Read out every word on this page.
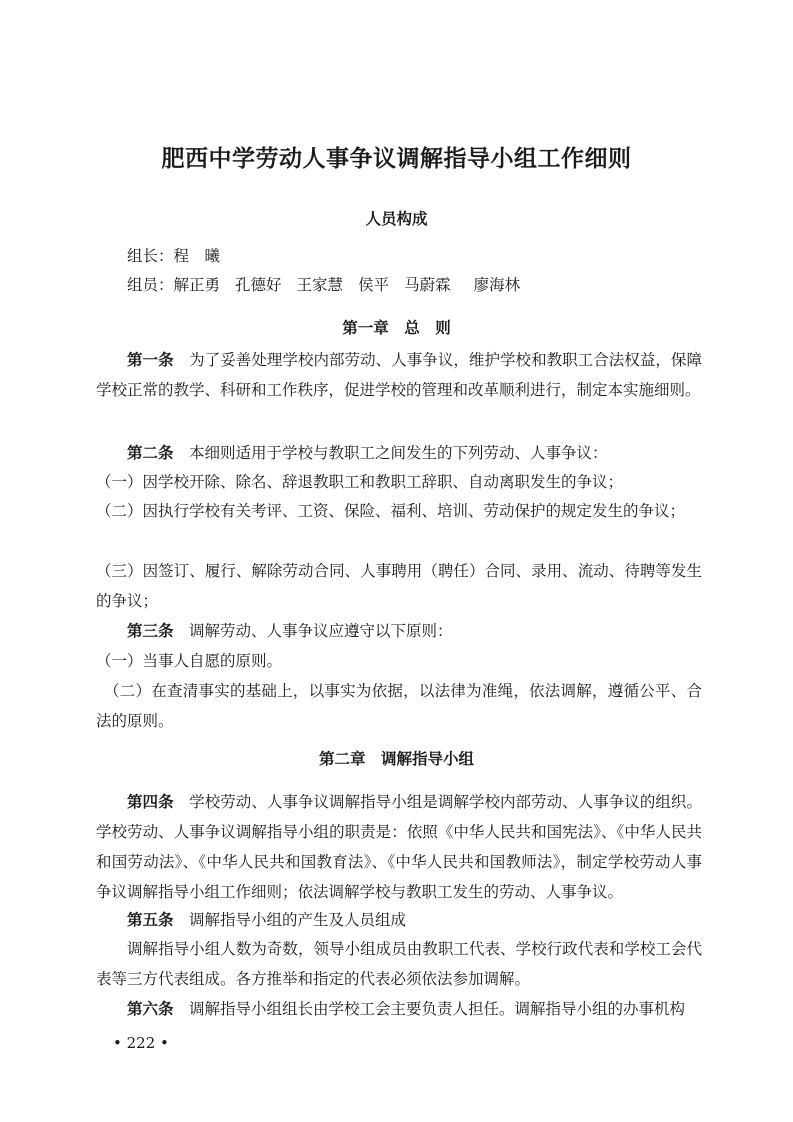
肥西中学劳动人事争议调解指导小组工作细则
人员构成
组长：程　曦
组员：解正勇 孔德好 王家慧 侯平 马蔚霖 廖海林
第一章　总　则
第一条  为了妥善处理学校内部劳动、人事争议，维护学校和教职工合法权益，保障学校正常的教学、科研和工作秩序，促进学校的管理和改革顺利进行，制定本实施细则。
第二条  本细则适用于学校与教职工之间发生的下列劳动、人事争议：
（一）因学校开除、除名、辞退教职工和教职工辞职、自动离职发生的争议；
（二）因执行学校有关考评、工资、保险、福利、培训、劳动保护的规定发生的争议；
（三）因签订、履行、解除劳动合同、人事聘用（聘任）合同、录用、流动、待聘等发生的争议；
第三条  调解劳动、人事争议应遵守以下原则：
（一）当事人自愿的原则。
（二）在查清事实的基础上，以事实为依据，以法律为准绳，依法调解，遵循公平、合法的原则。
第二章　调解指导小组
第四条  学校劳动、人事争议调解指导小组是调解学校内部劳动、人事争议的组织。学校劳动、人事争议调解指导小组的职责是：依照《中华人民共和国宪法》、《中华人民共和国劳动法》、《中华人民共和国教育法》、《中华人民共和国教师法》，制定学校劳动人事争议调解指导小组工作细则；依法调解学校与教职工发生的劳动、人事争议。
第五条  调解指导小组的产生及人员组成
调解指导小组人数为奇数，领导小组成员由教职工代表、学校行政代表和学校工会代表等三方代表组成。各方推举和指定的代表必须依法参加调解。
第六条  调解指导小组组长由学校工会主要负责人担任。调解指导小组的办事机构
• 222 •
